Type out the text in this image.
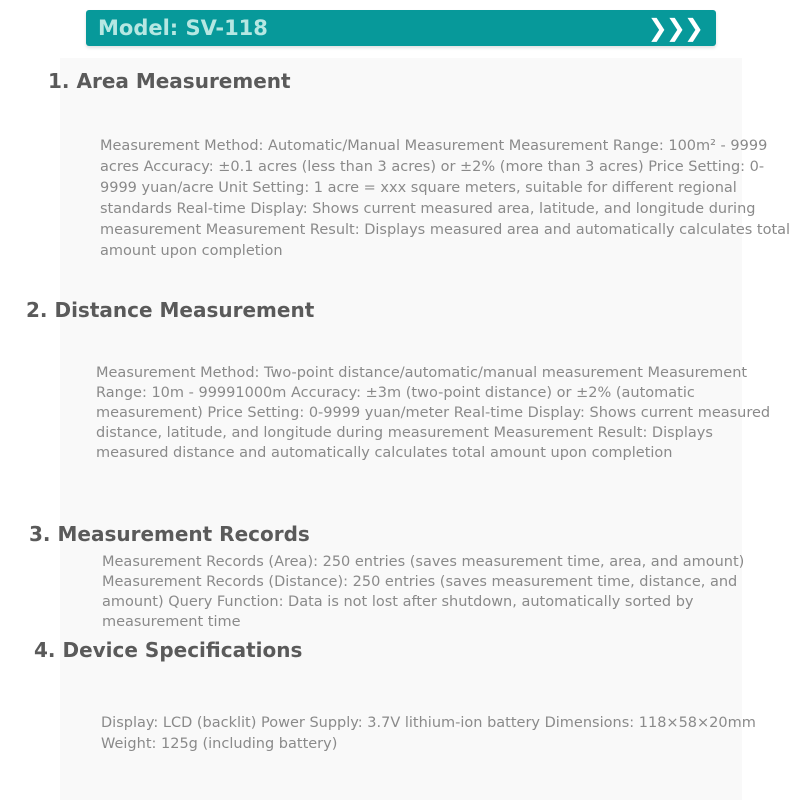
Model: SV-118	❯❯❯
1. Area Measurement

Measurement Method: Automatic/Manual Measurement Measurement Range: 100m² - 9999 acres Accuracy: ±0.1 acres (less than 3 acres) or ±2% (more than 3 acres) Price Setting: 0-9999 yuan/acre Unit Setting: 1 acre = xxx square meters, suitable for different regional standards Real-time Display: Shows current measured area, latitude, and longitude during measurement Measurement Result: Displays measured area and automatically calculates total amount upon completion

2. Distance Measurement

Measurement Method: Two-point distance/automatic/manual measurement Measurement Range: 10m - 99991000m Accuracy: ±3m (two-point distance) or ±2% (automatic measurement) Price Setting: 0-9999 yuan/meter Real-time Display: Shows current measured distance, latitude, and longitude during measurement Measurement Result: Displays measured distance and automatically calculates total amount upon completion

3. Measurement Records

Measurement Records (Area): 250 entries (saves measurement time, area, and amount) Measurement Records (Distance): 250 entries (saves measurement time, distance, and amount) Query Function: Data is not lost after shutdown, automatically sorted by measurement time

4. Device Specifications

Display: LCD (backlit) Power Supply: 3.7V lithium-ion battery Dimensions: 118×58×20mm Weight: 125g (including battery)
